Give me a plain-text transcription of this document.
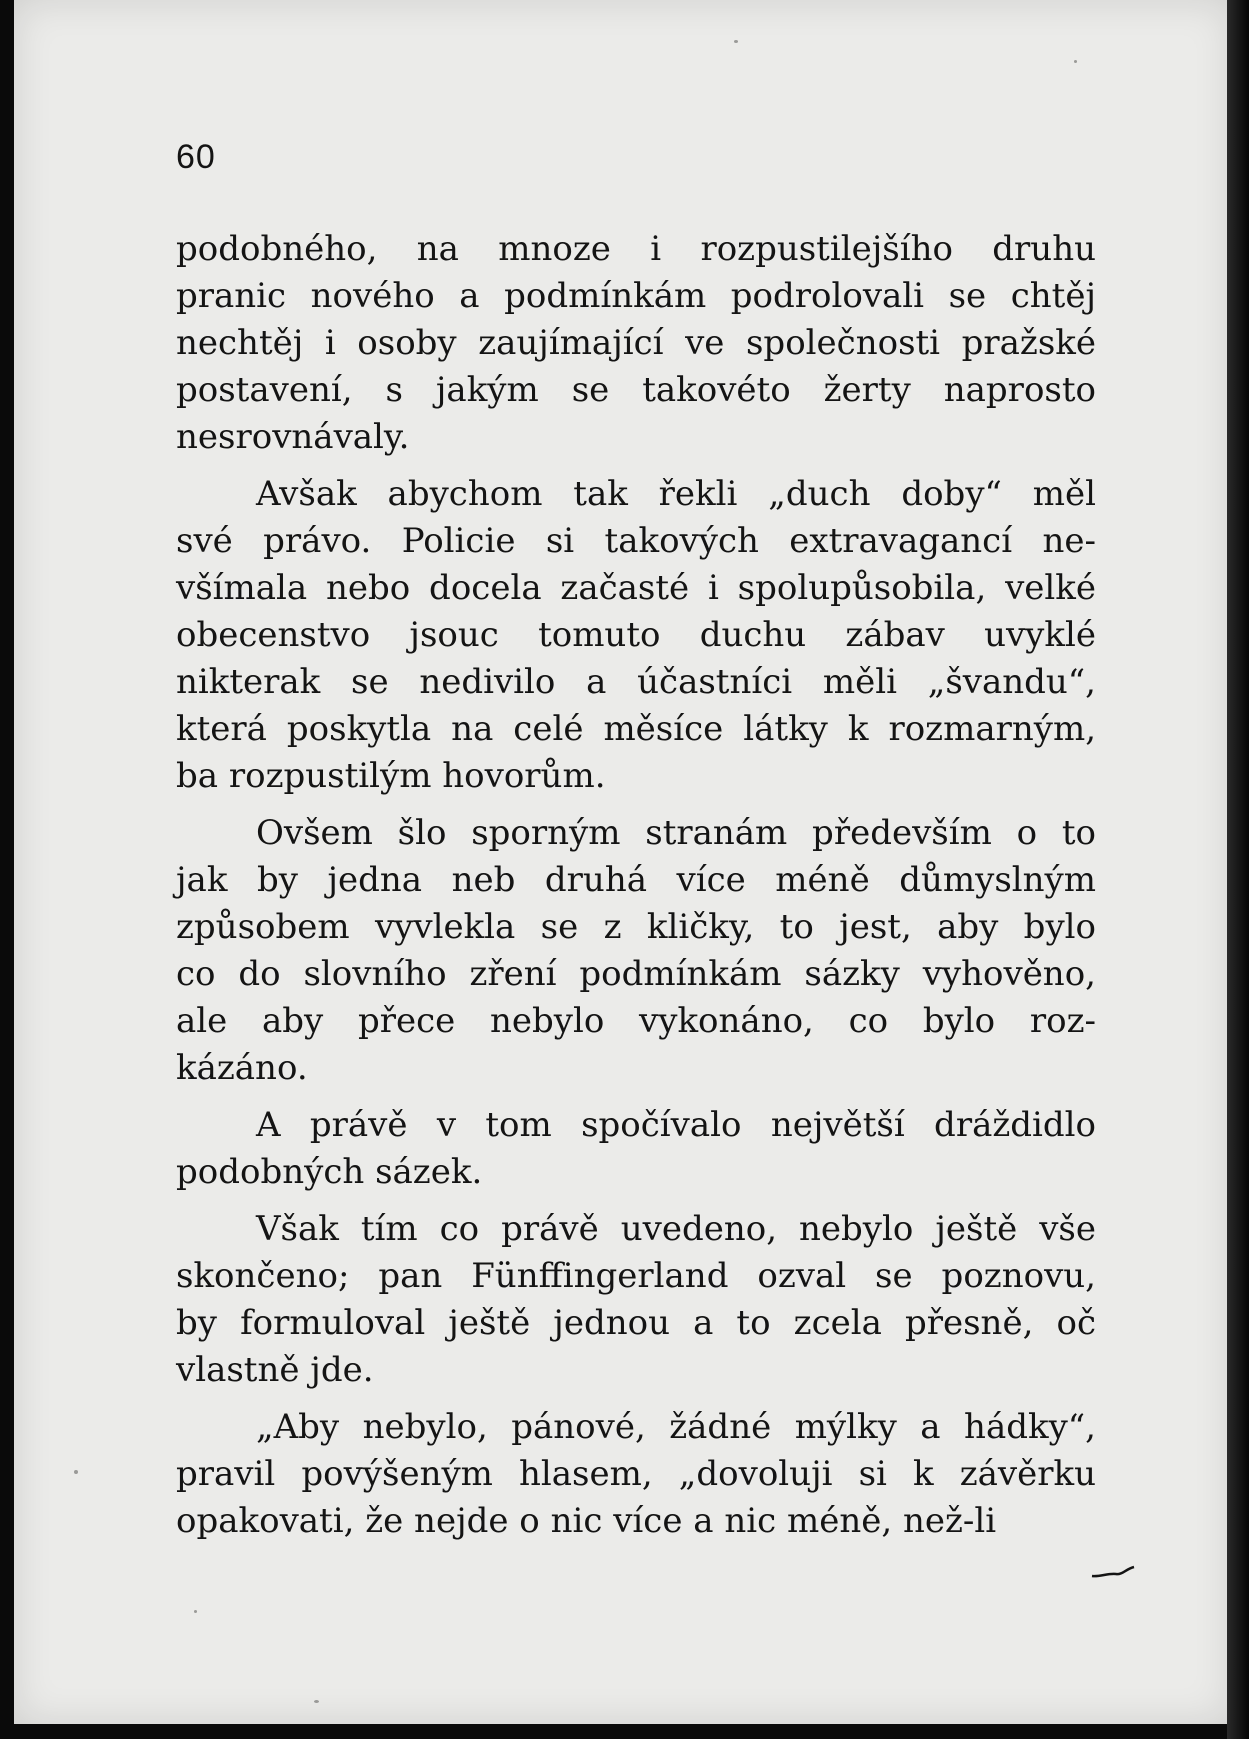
60
podobného, na mnoze i rozpustilejšího druhu
pranic nového a podmínkám podrolovali se chtěj
nechtěj i osoby zaujímající ve společnosti pražské
postavení, s jakým se takovéto žerty naprosto
nesrovnávaly.
Avšak abychom tak řekli „duch doby“ měl
své právo. Policie si takových extravagancí ne-
všímala nebo docela začasté i spolupůsobila, velké
obecenstvo jsouc tomuto duchu zábav uvyklé
nikterak se nedivilo a účastníci měli „švandu“,
která poskytla na celé měsíce látky k rozmarným,
ba rozpustilým hovorům.
Ovšem šlo sporným stranám především o to
jak by jedna neb druhá více méně důmyslným
způsobem vyvlekla se z kličky, to jest, aby bylo
co do slovního zření podmínkám sázky vyhověno,
ale aby přece nebylo vykonáno, co bylo roz-
kázáno.
A právě v tom spočívalo největší dráždidlo
podobných sázek.
Však tím co právě uvedeno, nebylo ještě vše
skončeno; pan Fünffingerland ozval se poznovu,
by formuloval ještě jednou a to zcela přesně, oč
vlastně jde.
„Aby nebylo, pánové, žádné mýlky a hádky“,
pravil povýšeným hlasem, „dovoluji si k závěrku
opakovati, že nejde o nic více a nic méně, než-li
